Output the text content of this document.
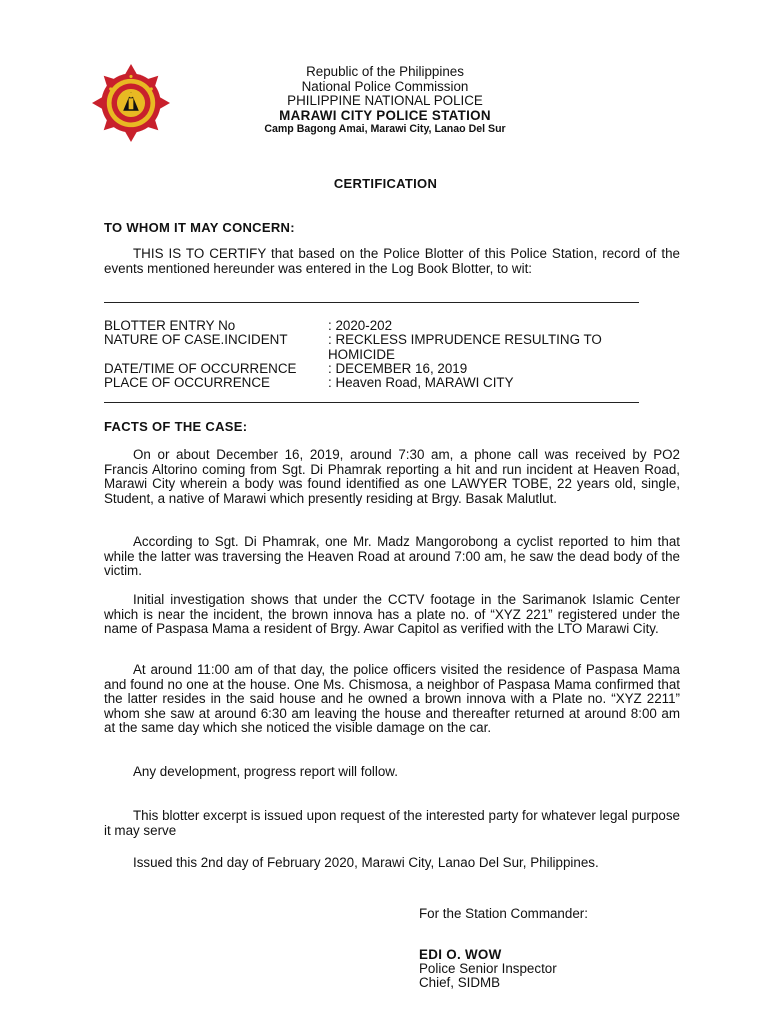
Republic of the Philippines
National Police Commission
PHILIPPINE NATIONAL POLICE
MARAWI CITY POLICE STATION
Camp Bagong Amai, Marawi City, Lanao Del Sur
CERTIFICATION
TO WHOM IT MAY CONCERN:
THIS IS TO CERTIFY that based on the Police Blotter of this Police Station, record of the events mentioned hereunder was entered in the Log Book Blotter, to wit:
BLOTTER ENTRY No	: 2020-202
NATURE OF CASE.INCIDENT	: RECKLESS IMPRUDENCE RESULTING TO HOMICIDE
DATE/TIME OF OCCURRENCE : DECEMBER 16, 2019
PLACE OF OCCURRENCE	: Heaven Road, MARAWI CITY
FACTS OF THE CASE:
On or about December 16, 2019, around 7:30 am, a phone call was received by PO2 Francis Altorino coming from Sgt. Di Phamrak reporting a hit and run incident at Heaven Road, Marawi City wherein a body was found identified as one LAWYER TOBE, 22 years old, single, Student, a native of Marawi which presently residing at Brgy. Basak Malutlut.
According to Sgt. Di Phamrak, one Mr. Madz Mangorobong a cyclist reported to him that while the latter was traversing the Heaven Road at around 7:00 am, he saw the dead body of the victim.
Initial investigation shows that under the CCTV footage in the Sarimanok Islamic Center which is near the incident, the brown innova has a plate no. of “XYZ 221” registered under the name of Paspasa Mama a resident of Brgy. Awar Capitol as verified with the LTO Marawi City.
At around 11:00 am of that day, the police officers visited the residence of Paspasa Mama and found no one at the house. One Ms. Chismosa, a neighbor of Paspasa Mama confirmed that the latter resides in the said house and he owned a brown innova with a Plate no. “XYZ 2211” whom she saw at around 6:30 am leaving the house and thereafter returned at around 8:00 am at the same day which she noticed the visible damage on the car.
Any development, progress report will follow.
This blotter excerpt is issued upon request of the interested party for whatever legal purpose it may serve
Issued this 2nd day of February 2020, Marawi City, Lanao Del Sur, Philippines.
For the Station Commander:
EDI O. WOW
Police Senior Inspector
Chief, SIDMB
